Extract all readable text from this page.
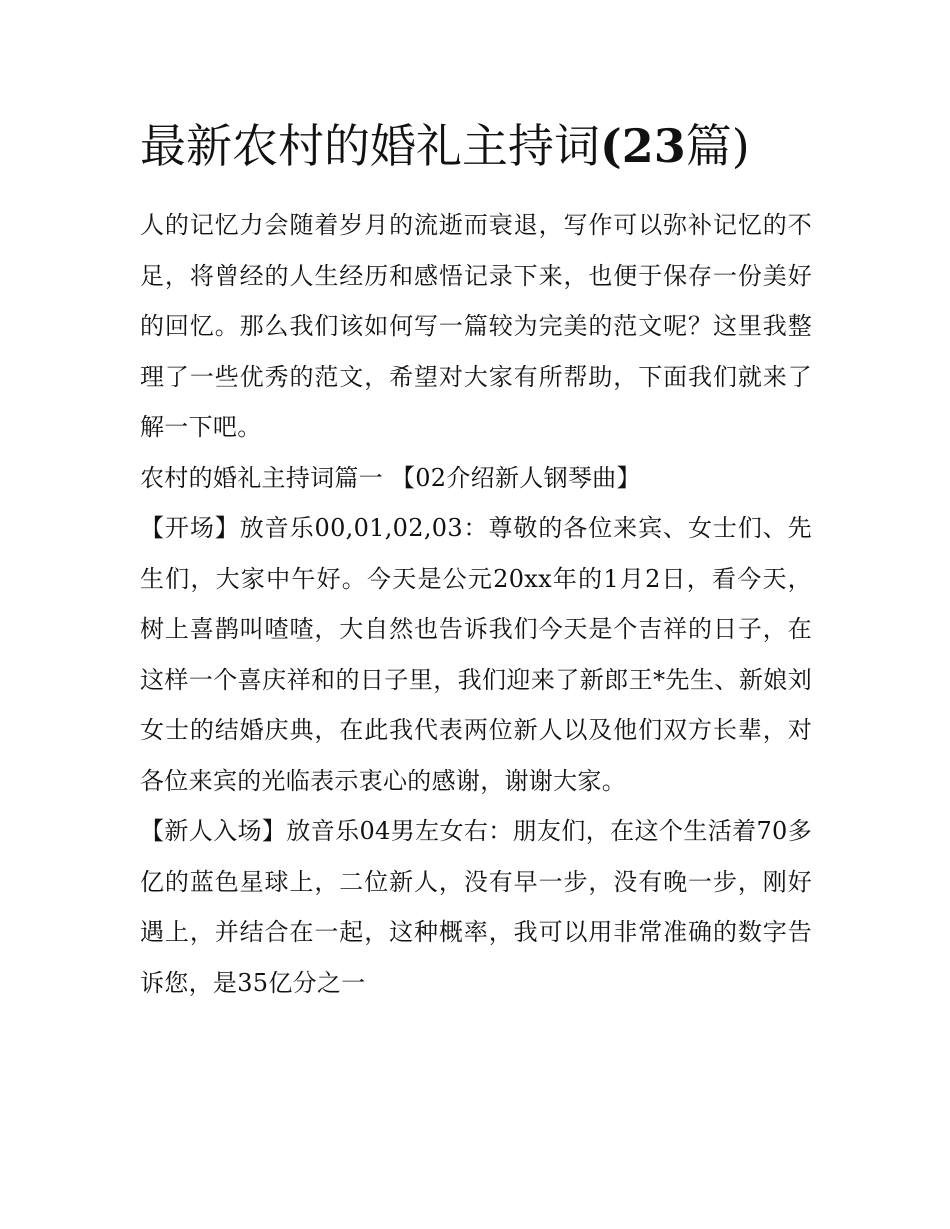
最新农村的婚礼主持词(23篇)

人的记忆力会随着岁月的流逝而衰退，写作可以弥补记忆的不足，将曾经的人生经历和感悟记录下来，也便于保存一份美好的回忆。那么我们该如何写一篇较为完美的范文呢？这里我整理了一些优秀的范文，希望对大家有所帮助，下面我们就来了解一下吧。

农村的婚礼主持词篇一 【02介绍新人钢琴曲】

【开场】放音乐00,01,02,03：尊敬的各位来宾、女士们、先生们，大家中午好。今天是公元20xx年的1月2日，看今天，树上喜鹊叫喳喳，大自然也告诉我们今天是个吉祥的日子，在这样一个喜庆祥和的日子里，我们迎来了新郎王*先生、新娘刘女士的结婚庆典，在此我代表两位新人以及他们双方长辈，对各位来宾的光临表示衷心的感谢，谢谢大家。

【新人入场】放音乐04男左女右：朋友们，在这个生活着70多亿的蓝色星球上，二位新人，没有早一步，没有晚一步，刚好遇上，并结合在一起，这种概率，我可以用非常准确的数字告诉您，是35亿分之一
